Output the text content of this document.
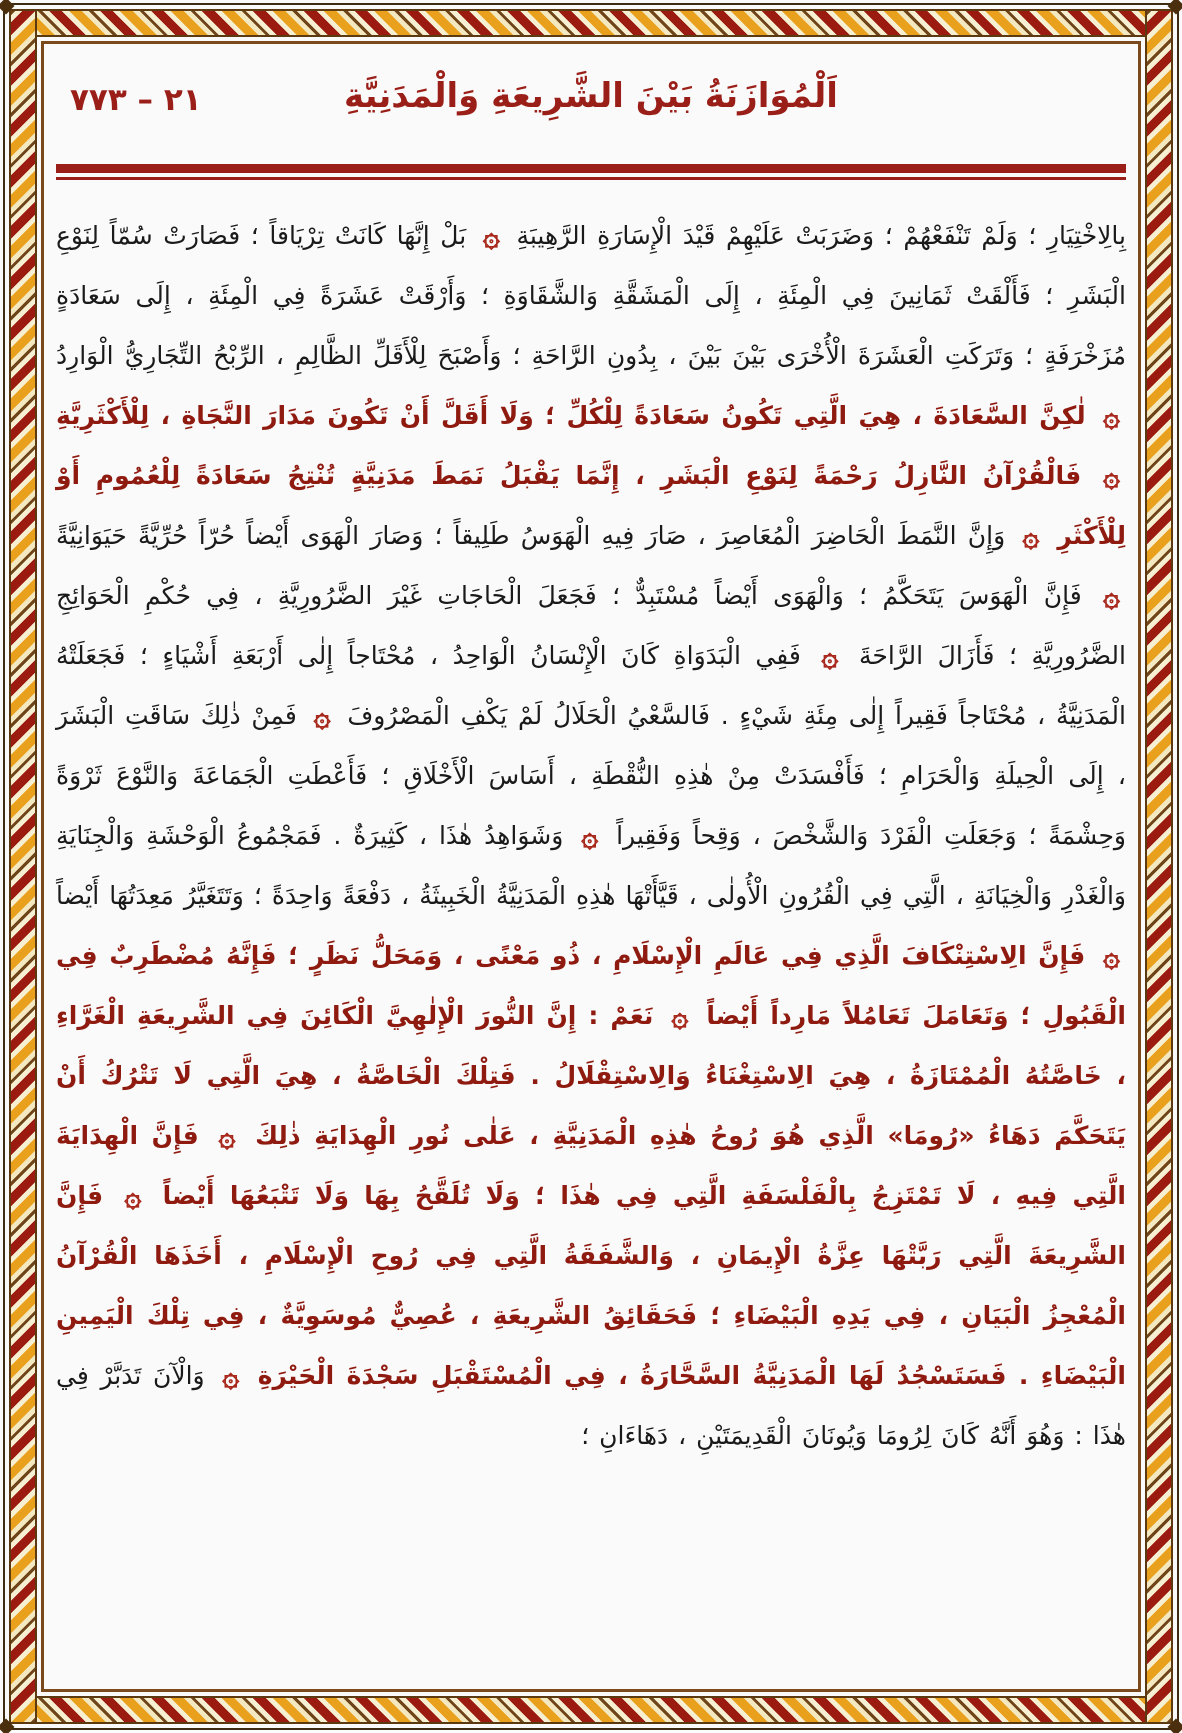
٢١ – ٧٧٣	اَلْمُوَازَنَةُ بَيْنَ الشَّرِيعَةِ وَالْمَدَنِيَّةِ
بِالِاخْتِيَارِ ؛ وَلَمْ تَنْفَعْهُمْ ؛ وَضَرَبَتْ عَلَيْهِمْ قَيْدَ الْإِسَارَةِ الرَّهِيبَةِ ۞ بَلْ إِنَّهَا كَانَتْ تِرْيَاقاً ؛ فَصَارَتْ سُمّاً لِنَوْعِ الْبَشَرِ ؛ فَأَلْقَتْ ثَمَانِينَ فِي الْمِئَةِ ، إِلَى الْمَشَقَّةِ وَالشَّقَاوَةِ ؛ وَأَرْقَتْ عَشَرَةً فِي الْمِئَةِ ، إِلَى سَعَادَةٍ مُزَخْرَفَةٍ ؛ وَتَرَكَتِ الْعَشَرَةَ الْأُخْرَى بَيْنَ بَيْنَ ، بِدُونِ الرَّاحَةِ ؛ وَأَصْبَحَ لِلْأَقَلِّ الظَّالِمِ ، الرِّبْحُ التِّجَارِيُّ الْوَارِدُ ۞ لٰكِنَّ السَّعَادَةَ ، هِيَ الَّتِي تَكُونُ سَعَادَةً لِلْكُلِّ ؛ وَلَا أَقَلَّ أَنْ تَكُونَ مَدَارَ النَّجَاةِ ، لِلْأَكْثَرِيَّةِ ۞ فَالْقُرْآنُ النَّازِلُ رَحْمَةً لِنَوْعِ الْبَشَرِ ، إِنَّمَا يَقْبَلُ نَمَطَ مَدَنِيَّةٍ تُنْتِجُ سَعَادَةً لِلْعُمُومِ أَوْ لِلْأَكْثَرِ ۞ وَإِنَّ النَّمَطَ الْحَاضِرَ الْمُعَاصِرَ ، صَارَ فِيهِ الْهَوَسُ طَلِيقاً ؛ وَصَارَ الْهَوَى أَيْضاً حُرّاً حُرِّيَّةً حَيَوَانِيَّةً ۞ فَإِنَّ الْهَوَسَ يَتَحَكَّمُ ؛ وَالْهَوَى أَيْضاً مُسْتَبِدٌّ ؛ فَجَعَلَ الْحَاجَاتِ غَيْرَ الضَّرُورِيَّةِ ، فِي حُكْمِ الْحَوَائِجِ الضَّرُورِيَّةِ ؛ فَأَزَالَ الرَّاحَةَ ۞ فَفِي الْبَدَوَاةِ كَانَ الْإِنْسَانُ الْوَاحِدُ ، مُحْتَاجاً إِلٰى أَرْبَعَةِ أَشْيَاءٍ ؛ فَجَعَلَتْهُ الْمَدَنِيَّةُ ، مُحْتَاجاً فَقِيراً إِلٰى مِئَةِ شَيْءٍ . فَالسَّعْيُ الْحَلَالُ لَمْ يَكْفِ الْمَصْرُوفَ ۞ فَمِنْ ذٰلِكَ سَاقَتِ الْبَشَرَ ، إِلَى الْحِيلَةِ وَالْحَرَامِ ؛ فَأَفْسَدَتْ مِنْ هٰذِهِ النُّقْطَةِ ، أَسَاسَ الْأَخْلَاقِ ؛ فَأَعْطَتِ الْجَمَاعَةَ وَالنَّوْعَ ثَرْوَةً وَحِشْمَةً ؛ وَجَعَلَتِ الْفَرْدَ وَالشَّخْصَ ، وَقِحاً وَفَقِيراً ۞ وَشَوَاهِدُ هٰذَا ، كَثِيرَةٌ . فَمَجْمُوعُ الْوَحْشَةِ وَالْجِنَايَةِ وَالْغَدْرِ وَالْخِيَانَةِ ، الَّتِي فِي الْقُرُونِ الْأُولٰى ، قَيَّأَتْهَا هٰذِهِ الْمَدَنِيَّةُ الْخَبِيثَةُ ، دَفْعَةً وَاحِدَةً ؛ وَتَتَغَيَّرُ مَعِدَتُهَا أَيْضاً ۞ فَإِنَّ الِاسْتِنْكَافَ الَّذِي فِي عَالَمِ الْإِسْلَامِ ، ذُو مَعْنًى ، وَمَحَلُّ نَظَرٍ ؛ فَإِنَّهُ مُضْطَرِبٌ فِي الْقَبُولِ ؛ وَتَعَامَلَ تَعَامُلاً مَارِداً أَيْضاً ۞ نَعَمْ : إِنَّ النُّورَ الْإِلٰهِيَّ الْكَائِنَ فِي الشَّرِيعَةِ الْغَرَّاءِ ، خَاصَّتُهُ الْمُمْتَازَةُ ، هِيَ الِاسْتِغْنَاءُ وَالِاسْتِقْلَالُ . فَتِلْكَ الْخَاصَّةُ ، هِيَ الَّتِي لَا تَتْرُكُ أَنْ يَتَحَكَّمَ دَهَاءُ «رُومَا» الَّذِي هُوَ رُوحُ هٰذِهِ الْمَدَنِيَّةِ ، عَلٰى نُورِ الْهِدَايَةِ ذٰلِكَ ۞ فَإِنَّ الْهِدَايَةَ الَّتِي فِيهِ ، لَا تَمْتَزِجُ بِالْفَلْسَفَةِ الَّتِي فِي هٰذَا ؛ وَلَا تُلَقَّحُ بِهَا وَلَا تَتْبَعُهَا أَيْضاً ۞ فَإِنَّ الشَّرِيعَةَ الَّتِي رَبَّتْهَا عِزَّةُ الْإِيمَانِ ، وَالشَّفَقَةُ الَّتِي فِي رُوحِ الْإِسْلَامِ ، أَخَذَهَا الْقُرْآنُ الْمُعْجِزُ الْبَيَانِ ، فِي يَدِهِ الْبَيْضَاءِ ؛ فَحَقَائِقُ الشَّرِيعَةِ ، عُصِيٌّ مُوسَوِيَّةٌ ، فِي تِلْكَ الْيَمِينِ الْبَيْضَاءِ . فَسَتَسْجُدُ لَهَا الْمَدَنِيَّةُ السَّحَّارَةُ ، فِي الْمُسْتَقْبَلِ سَجْدَةَ الْحَيْرَةِ ۞ وَالْآنَ تَدَبَّرْ فِي هٰذَا : وَهُوَ أَنَّهُ كَانَ لِرُومَا وَيُونَانَ الْقَدِيمَتَيْنِ ، دَهَاءَانِ ؛
